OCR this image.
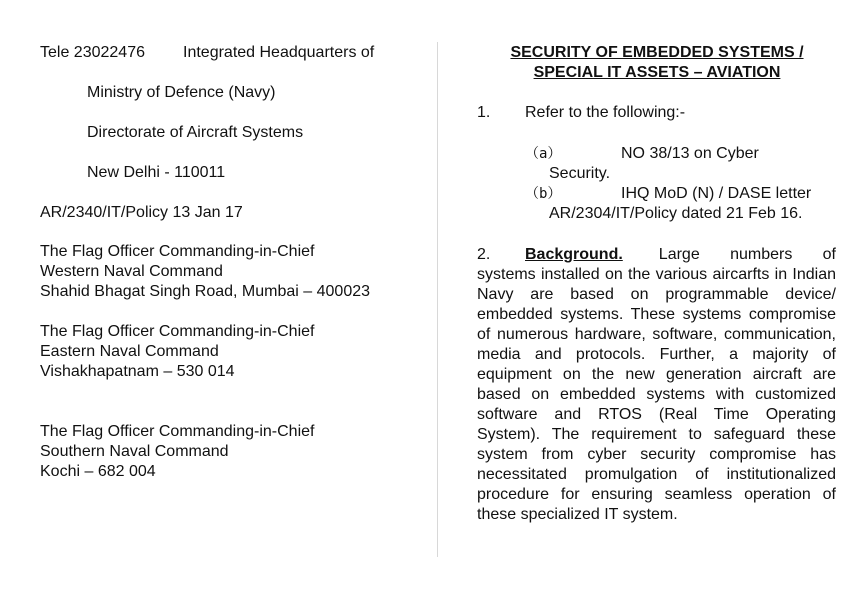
Tele 23022476 Integrated Headquarters of
Ministry of Defence (Navy)
Directorate of Aircraft Systems
New Delhi - 110011
AR/2340/IT/Policy 13 Jan 17
The Flag Officer Commanding-in-Chief
Western Naval Command
Shahid Bhagat Singh Road, Mumbai – 400023
The Flag Officer Commanding-in-Chief
Eastern Naval Command
Vishakhapatnam – 530 014
The Flag Officer Commanding-in-Chief
Southern Naval Command
Kochi – 682 004
SECURITY OF EMBEDDED SYSTEMS /
SPECIAL IT ASSETS – AVIATION
1. Refer to the following:-
（a）	NO 38/13 on Cyber
Security.
（b）	IHQ MoD (N) / DASE letter
AR/2304/IT/Policy dated 21 Feb 16.
2. Background. Large numbers of systems installed on the various aircarfts in Indian Navy are based on programmable device/ embedded systems. These systems compromise of numerous hardware, software, communication, media and protocols. Further, a majority of equipment on the new generation aircraft are based on embedded systems with customized software and RTOS (Real Time Operating System). The requirement to safeguard these system from cyber security compromise has necessitated promulgation of institutionalized procedure for ensuring seamless operation of these specialized IT system.
